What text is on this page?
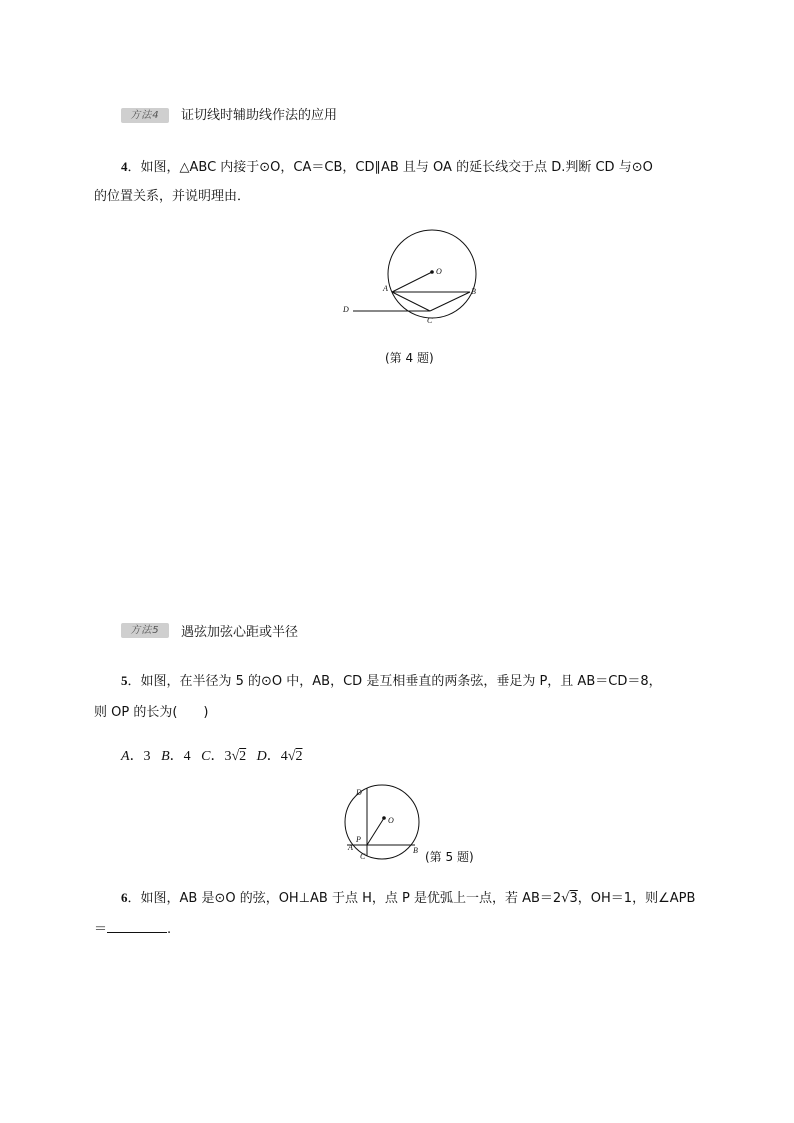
方法4	证切线时辅助线作法的应用
4．如图，△ABC 内接于⊙O，CA＝CB，CD∥AB 且与 OA 的延长线交于点 D.判断 CD 与⊙O
的位置关系，并说明理由．
O
A	B
C
D
(第 4 题)
方法5	遇弦加弦心距或半径
5．如图，在半径为 5 的⊙O 中，AB，CD 是互相垂直的两条弦，垂足为 P，且 AB＝CD＝8，
则 OP 的长为(　　)
A．3 B．4 C．3√2 D．4√2
D
O
P
A
C
B (第 5 题)
6．如图，AB 是⊙O 的弦，OH⊥AB 于点 H，点 P 是优弧上一点，若 AB＝2√3，OH＝1，则∠APB
＝	.
